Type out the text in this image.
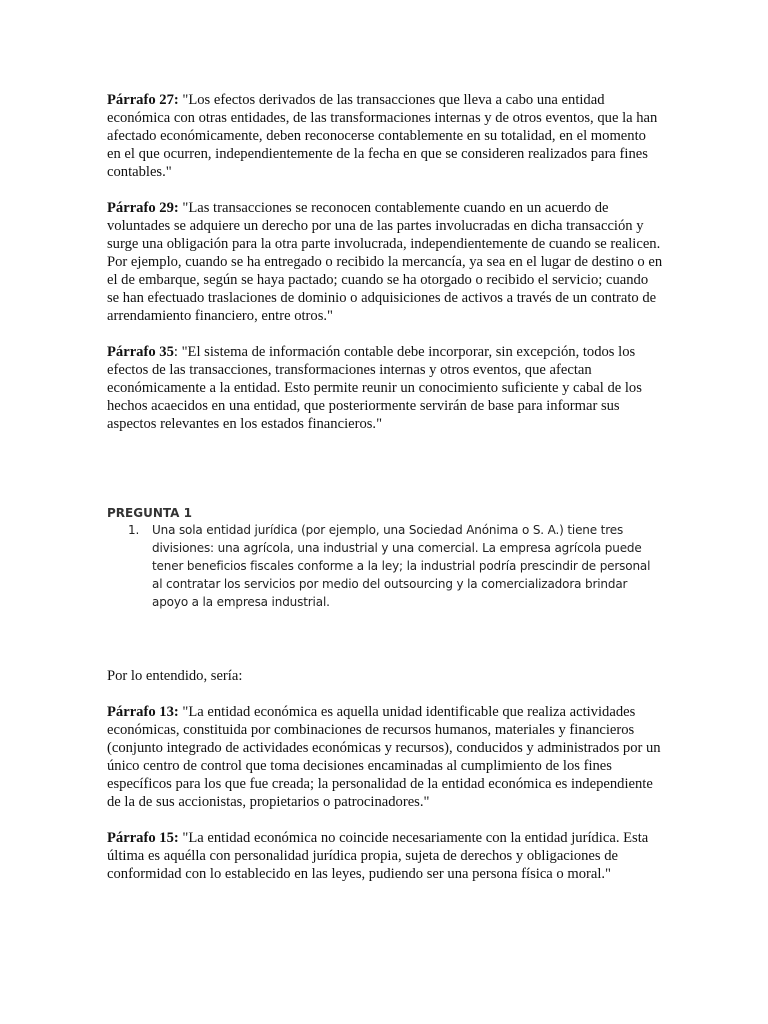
Párrafo 27: "Los efectos derivados de las transacciones que lleva a cabo una entidad económica con otras entidades, de las transformaciones internas y de otros eventos, que la han afectado económicamente, deben reconocerse contablemente en su totalidad, en el momento en el que ocurren, independientemente de la fecha en que se consideren realizados para fines contables."

Párrafo 29: "Las transacciones se reconocen contablemente cuando en un acuerdo de voluntades se adquiere un derecho por una de las partes involucradas en dicha transacción y surge una obligación para la otra parte involucrada, independientemente de cuando se realicen. Por ejemplo, cuando se ha entregado o recibido la mercancía, ya sea en el lugar de destino o en el de embarque, según se haya pactado; cuando se ha otorgado o recibido el servicio; cuando se han efectuado traslaciones de dominio o adquisiciones de activos a través de un contrato de arrendamiento financiero, entre otros."

Párrafo 35: "El sistema de información contable debe incorporar, sin excepción, todos los efectos de las transacciones, transformaciones internas y otros eventos, que afectan económicamente a la entidad. Esto permite reunir un conocimiento suficiente y cabal de los hechos acaecidos en una entidad, que posteriormente servirán de base para informar sus aspectos relevantes en los estados financieros."

PREGUNTA 1
1. Una sola entidad jurídica (por ejemplo, una Sociedad Anónima o S. A.) tiene tres divisiones: una agrícola, una industrial y una comercial. La empresa agrícola puede tener beneficios fiscales conforme a la ley; la industrial podría prescindir de personal al contratar los servicios por medio del outsourcing y la comercializadora brindar apoyo a la empresa industrial.

Por lo entendido, sería:

Párrafo 13: "La entidad económica es aquella unidad identificable que realiza actividades económicas, constituida por combinaciones de recursos humanos, materiales y financieros (conjunto integrado de actividades económicas y recursos), conducidos y administrados por un único centro de control que toma decisiones encaminadas al cumplimiento de los fines específicos para los que fue creada; la personalidad de la entidad económica es independiente de la de sus accionistas, propietarios o patrocinadores."

Párrafo 15: "La entidad económica no coincide necesariamente con la entidad jurídica. Esta última es aquélla con personalidad jurídica propia, sujeta de derechos y obligaciones de conformidad con lo establecido en las leyes, pudiendo ser una persona física o moral."
